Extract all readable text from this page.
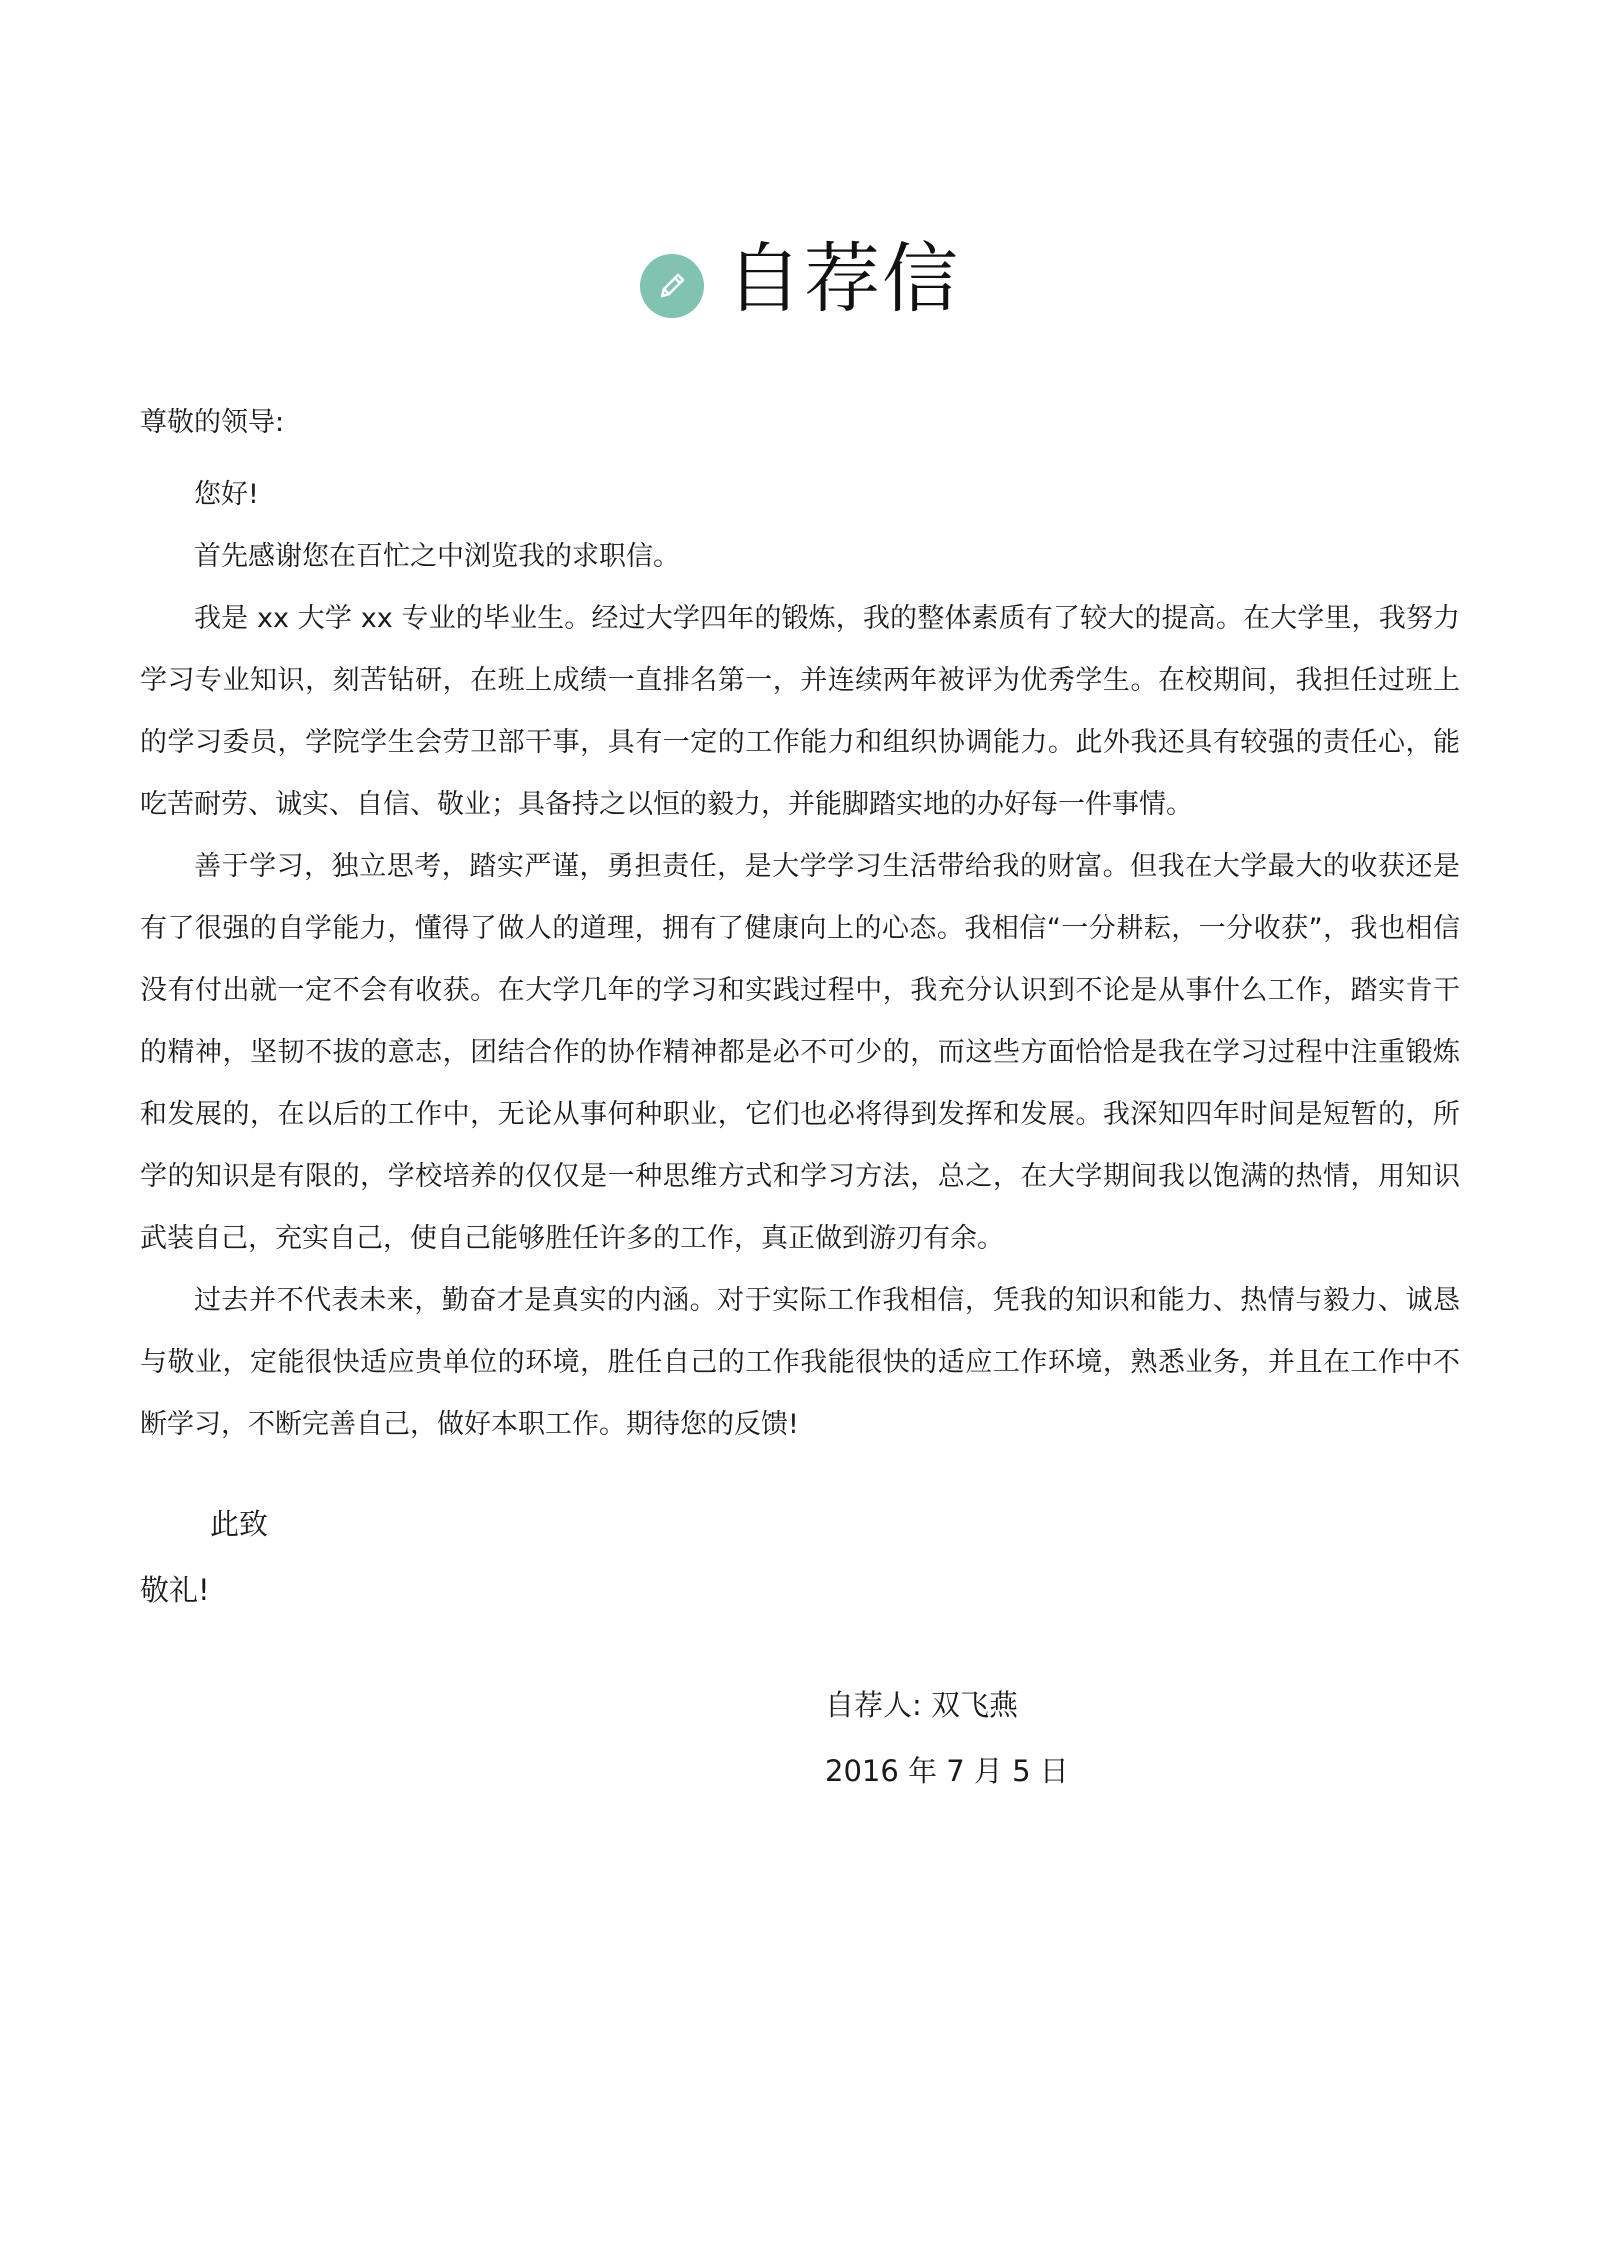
自荐信

尊敬的领导:

您好!

首先感谢您在百忙之中浏览我的求职信。

我是 xx 大学 xx 专业的毕业生。经过大学四年的锻炼，我的整体素质有了较大的提高。在大学里，我努力学习专业知识，刻苦钻研，在班上成绩一直排名第一，并连续两年被评为优秀学生。在校期间，我担任过班上的学习委员，学院学生会劳卫部干事，具有一定的工作能力和组织协调能力。此外我还具有较强的责任心，能吃苦耐劳、诚实、自信、敬业；具备持之以恒的毅力，并能脚踏实地的办好每一件事情。

善于学习，独立思考，踏实严谨，勇担责任，是大学学习生活带给我的财富。但我在大学最大的收获还是有了很强的自学能力，懂得了做人的道理，拥有了健康向上的心态。我相信“一分耕耘，一分收获”，我也相信没有付出就一定不会有收获。在大学几年的学习和实践过程中，我充分认识到不论是从事什么工作，踏实肯干的精神，坚韧不拔的意志，团结合作的协作精神都是必不可少的，而这些方面恰恰是我在学习过程中注重锻炼和发展的，在以后的工作中，无论从事何种职业，它们也必将得到发挥和发展。我深知四年时间是短暂的，所学的知识是有限的，学校培养的仅仅是一种思维方式和学习方法，总之，在大学期间我以饱满的热情，用知识武装自己，充实自己，使自己能够胜任许多的工作，真正做到游刃有余。

过去并不代表未来，勤奋才是真实的内涵。对于实际工作我相信，凭我的知识和能力、热情与毅力、诚恳与敬业，定能很快适应贵单位的环境，胜任自己的工作我能很快的适应工作环境，熟悉业务，并且在工作中不断学习，不断完善自己，做好本职工作。期待您的反馈!

此致
敬礼!
自荐人: 双飞燕
2016 年 7 月 5 日
